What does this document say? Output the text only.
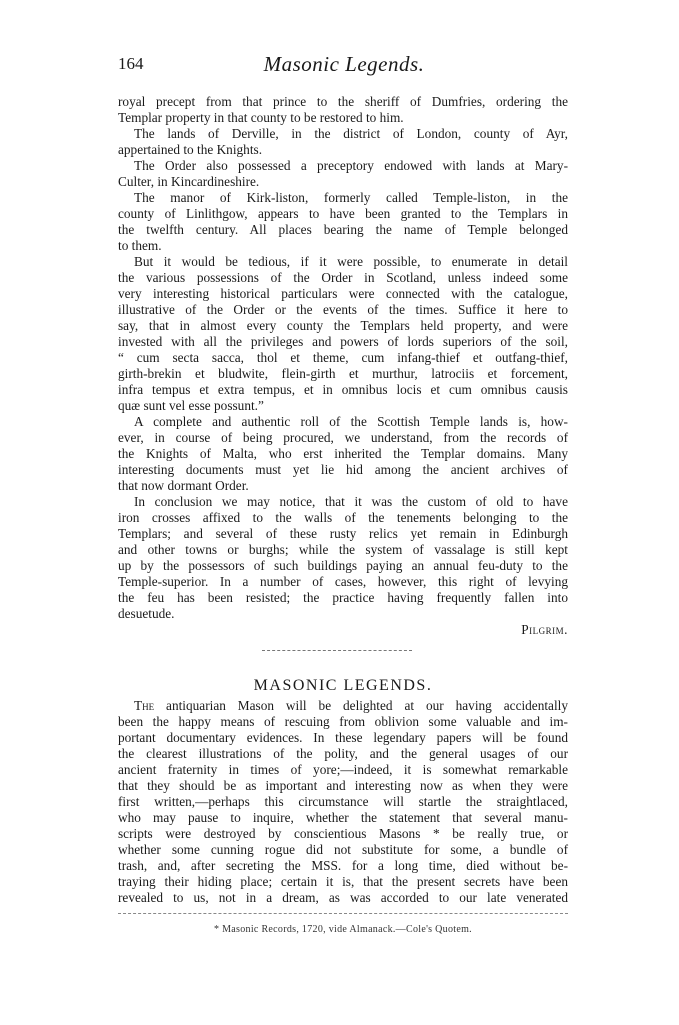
164	Masonic Legends.
royal precept from that prince to the sheriff of Dumfries, ordering the
Templar property in that county to be restored to him.
The lands of Derville, in the district of London, county of Ayr,
appertained to the Knights.
The Order also possessed a preceptory endowed with lands at Mary-
Culter, in Kincardineshire.
The manor of Kirk-liston, formerly called Temple-liston, in the
county of Linlithgow, appears to have been granted to the Templars in
the twelfth century. All places bearing the name of Temple belonged
to them.
But it would be tedious, if it were possible, to enumerate in detail
the various possessions of the Order in Scotland, unless indeed some
very interesting historical particulars were connected with the catalogue,
illustrative of the Order or the events of the times. Suffice it here to
say, that in almost every county the Templars held property, and were
invested with all the privileges and powers of lords superiors of the soil,
“ cum secta sacca, thol et theme, cum infang-thief et outfang-thief,
girth-brekin et bludwite, flein-girth et murthur, latrociis et forcement,
infra tempus et extra tempus, et in omnibus locis et cum omnibus causis
quæ sunt vel esse possunt.”
A complete and authentic roll of the Scottish Temple lands is, how-
ever, in course of being procured, we understand, from the records of
the Knights of Malta, who erst inherited the Templar domains. Many
interesting documents must yet lie hid among the ancient archives of
that now dormant Order.
In conclusion we may notice, that it was the custom of old to have
iron crosses affixed to the walls of the tenements belonging to the
Templars; and several of these rusty relics yet remain in Edinburgh
and other towns or burghs; while the system of vassalage is still kept
up by the possessors of such buildings paying an annual feu-duty to the
Temple-superior. In a number of cases, however, this right of levying
the feu has been resisted; the practice having frequently fallen into
desuetude.
Pilgrim.
MASONIC LEGENDS.
The antiquarian Mason will be delighted at our having accidentally
been the happy means of rescuing from oblivion some valuable and im-
portant documentary evidences. In these legendary papers will be found
the clearest illustrations of the polity, and the general usages of our
ancient fraternity in times of yore;—indeed, it is somewhat remarkable
that they should be as important and interesting now as when they were
first written,—perhaps this circumstance will startle the straightlaced,
who may pause to inquire, whether the statement that several manu-
scripts were destroyed by conscientious Masons * be really true, or
whether some cunning rogue did not substitute for some, a bundle of
trash, and, after secreting the MSS. for a long time, died without be-
traying their hiding place; certain it is, that the present secrets have been
revealed to us, not in a dream, as was accorded to our late venerated
* Masonic Records, 1720, vide Almanack.—Cole's Quotem.
